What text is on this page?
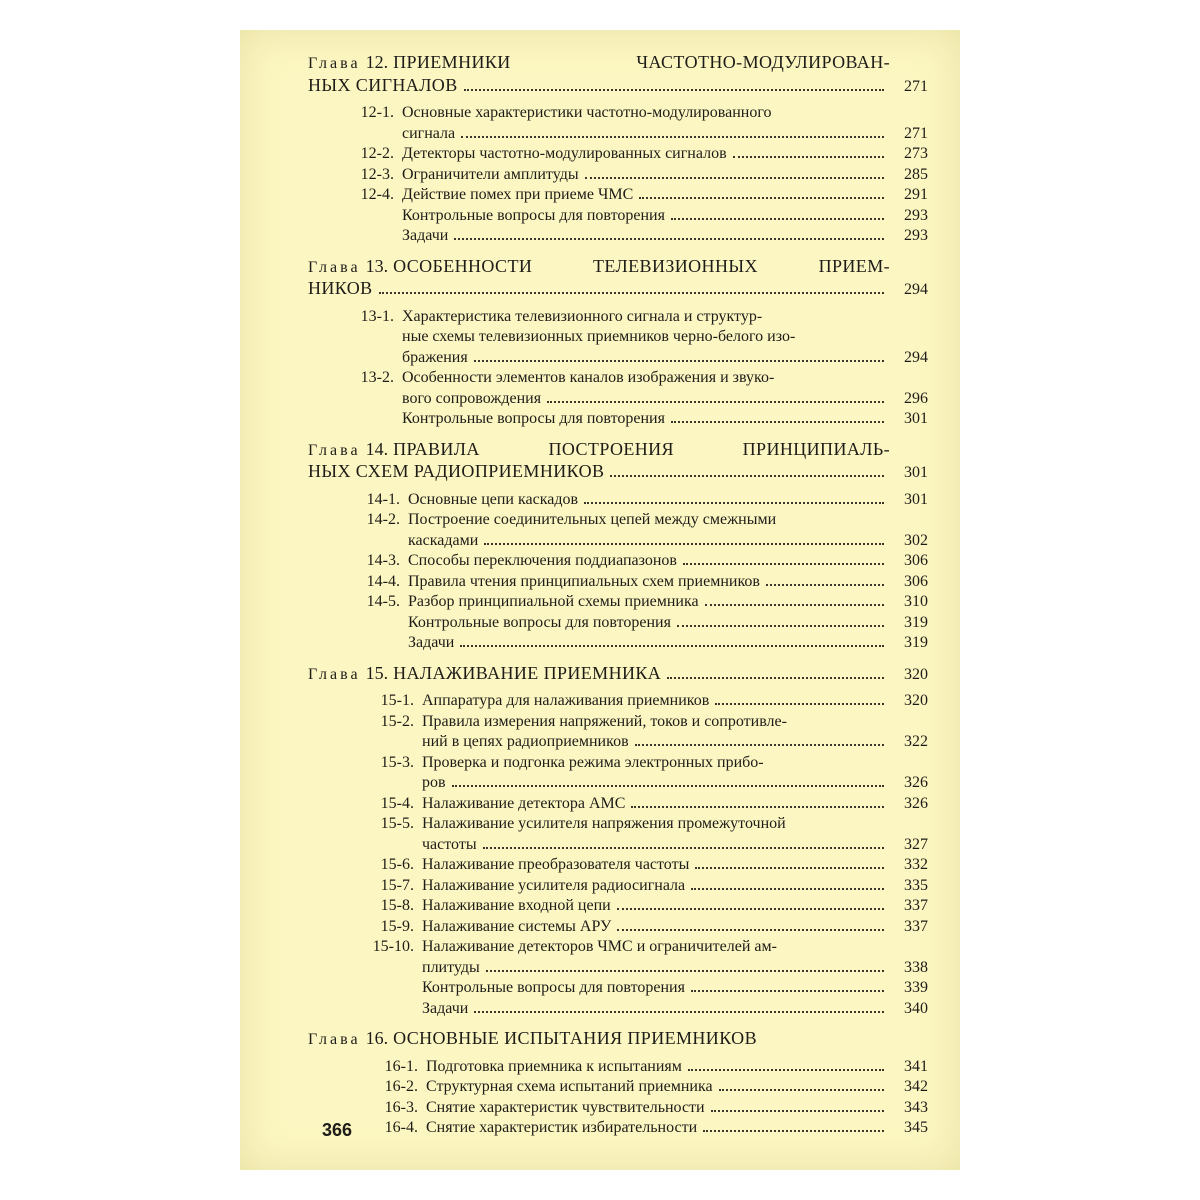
Глава 12. ПРИЕМНИКИ ЧАСТОТНО-МОДУЛИРОВАН-
НЫХ СИГНАЛОВ	271
12-1. Основные характеристики частотно-модулированного
сигнала	271
12-2. Детекторы частотно-модулированных сигналов	273
12-3. Ограничители амплитуды	285
12-4. Действие помех при приеме ЧМС	291
Контрольные вопросы для повторения	293
Задачи	293
Глава 13. ОСОБЕННОСТИ ТЕЛЕВИЗИОННЫХ ПРИЕМ-
НИКОВ	294
13-1. Характеристика телевизионного сигнала и структур-
ные схемы телевизионных приемников черно-белого изо-
бражения	294
13-2. Особенности элементов каналов изображения и звуко-
вого сопровождения	296
Контрольные вопросы для повторения	301
Глава 14. ПРАВИЛА ПОСТРОЕНИЯ ПРИНЦИПИАЛЬ-
НЫХ СХЕМ РАДИОПРИЕМНИКОВ	301
14-1. Основные цепи каскадов	301
14-2. Построение соединительных цепей между смежными
каскадами	302
14-3. Способы переключения поддиапазонов	306
14-4. Правила чтения принципиальных схем приемников	306
14-5. Разбор принципиальной схемы приемника	310
Контрольные вопросы для повторения	319
Задачи	319
Глава 15. НАЛАЖИВАНИЕ ПРИЕМНИКА	320
15-1. Аппаратура для налаживания приемников	320
15-2. Правила измерения напряжений, токов и сопротивле-
ний в цепях радиоприемников	322
15-3. Проверка и подгонка режима электронных прибо-
ров	326
15-4. Налаживание детектора АМС	326
15-5. Налаживание усилителя напряжения промежуточной
частоты	327
15-6. Налаживание преобразователя частоты	332
15-7. Налаживание усилителя радиосигнала	335
15-8. Налаживание входной цепи	337
15-9. Налаживание системы АРУ	337
15-10. Налаживание детекторов ЧМС и ограничителей ам-
плитуды	338
Контрольные вопросы для повторения	339
Задачи	340
Глава 16. ОСНОВНЫЕ ИСПЫТАНИЯ ПРИЕМНИКОВ
16-1. Подготовка приемника к испытаниям	341
16-2. Структурная схема испытаний приемника	342
16-3. Снятие характеристик чувствительности	343
16-4. Снятие характеристик избирательности	345
366
